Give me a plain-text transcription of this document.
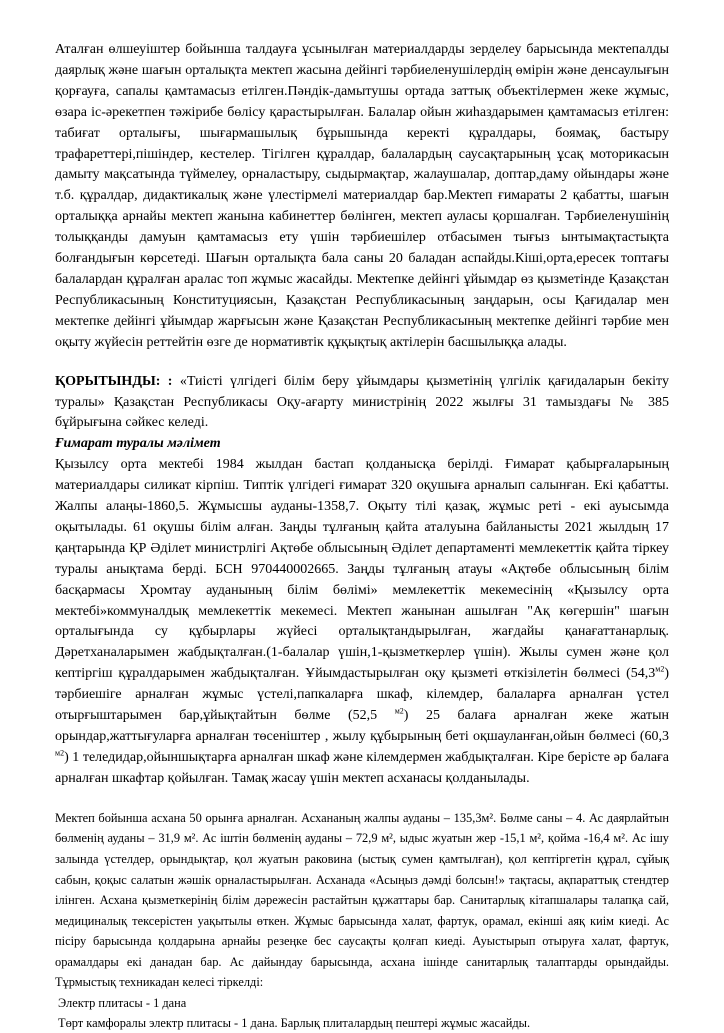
Аталған өлшеуіштер бойынша талдауға ұсынылған материалдарды зерделеу барысында мектепалды даярлық және шағын орталықта мектеп жасына дейінгі тәрбиеленушілердің өмірін және денсаулығын қорғауға, сапалы қамтамасыз етілген.Пәндік-дамытушы ортада заттық объектілермен жеке жұмыс, өзара іс-әрекетпен тәжірибе бөлісу қарастырылған. Балалар ойын жиһаздарымен қамтамасыз етілген: табиғат орталығы, шығармашылық бұрышында керекті құралдары, боямақ, бастыру трафареттері,пішіндер, кестелер. Тігілген құралдар, балалардың саусақтарының ұсақ моторикасын дамыту мақсатында түймелеу, орналастыру, сыдырмақтар, жалаушалар, доптар,даму ойындары және т.б. құралдар, дидактикалық және үлестірмелі материалдар бар.Мектеп ғимараты 2 қабатты, шағын орталыққа арнайы мектеп жанына кабинеттер бөлінген, мектеп ауласы қоршалған. Тәрбиеленушінің толыққанды дамуын қамтамасыз ету үшін тәрбиешілер отбасымен тығыз ынтымақтастықта болғандығын көрсетеді. Шағын орталықта бала саны 20 баладан аспайды.Кіші,орта,ересек топтағы балалардан құралған аралас топ жұмыс жасайды. Мектепке дейінгі ұйымдар өз қызметінде Қазақстан Республикасының Конституциясын, Қазақстан Республикасының заңдарын, осы Қағидалар мен мектепке дейінгі ұйымдар жарғысын және Қазақстан Республикасының мектепке дейінгі тәрбие мен оқыту жүйесін реттейтін өзге де нормативтік құқықтық актілерін басшылыққа алады.

ҚОРЫТЫНДЫ: : «Тиісті үлгідегі білім беру ұйымдары қызметінің үлгілік қағидаларын бекіту туралы» Қазақстан Республикасы Оқу-ағарту министрінің 2022 жылғы 31 тамыздағы № 385 бұйрығына сәйкес келеді.

Ғимарат туралы мәлімет

Қызылсу орта мектебі 1984 жылдан бастап қолданысқа берілді. Ғимарат қабырғаларының материалдары силикат кірпіш. Типтік үлгідегі ғимарат 320 оқушыға арналып салынған. Екі қабатты. Жалпы алаңы-1860,5. Жұмысшы ауданы-1358,7. Оқыту тілі қазақ, жұмыс реті - екі ауысымда оқытылады. 61 оқушы білім алған. Заңды тұлғаның қайта аталуына байланысты 2021 жылдың 17 қаңтарында ҚР Әділет министрлігі Ақтөбе облысының Әділет департаменті мемлекеттік қайта тіркеу туралы анықтама берді. БСН 970440002665. Заңды тұлғаның атауы «Ақтөбе облысының білім басқармасы Хромтау ауданының білім бөлімі» мемлекеттік мекемесінің «Қызылсу орта мектебі»коммуналдық мемлекеттік мекемесі. Мектеп жанынан ашылған "Ақ көгершін" шағын орталығында су құбырлары жүйесі орталықтандырылған, жағдайы қанағаттанарлық. Дәретханаларымен жабдықталған.(1-балалар үшін,1-қызметкерлер үшін). Жылы сумен және қол кептіргіш құралдарымен жабдықталған. Ұйымдастырылған оқу қызметі өткізілетін бөлмесі $(54,3^{м2})$ тәрбиешіге арналған жұмыс үстелі,папкаларға шкаф, кілемдер, балаларға арналған үстел отырғыштарымен бар,ұйықтайтын бөлме (52,5 $^{м2}$) 25 балаға арналған жеке жатын орындар,жаттығуларға арналған төсеніштер , жылу құбырының беті оқшауланған,ойын бөлмесі (60,3 $^{м2}$) 1 теледидар,ойыншықтарға арналған шкаф және кілемдермен жабдықталған. Кіре берісте әр балаға арналған шкафтар қойылған. Тамақ жасау үшін мектеп асханасы қолданылады.

Мектеп бойынша асхана 50 орынға арналған. Асхананың жалпы ауданы – 135,3м². Бөлме саны – 4. Ас даярлайтын бөлменің ауданы – 31,9 м². Ас іштін бөлменің ауданы – 72,9 м², ыдыс жуатын жер -15,1 м², қойма -16,4 м². Ас ішу залында үстелдер, орындықтар, қол жуатын раковина (ыстық сумен қамтылған), қол кептіргетін құрал, сұйық сабын, қоқыс салатын жәшік орналастырылған. Асханада «Асыңыз дәмді болсын!» тақтасы, ақпараттық стендтер ілінген. Асхана қызметкерінің білім дәрежесін растайтын құжаттары бар. Санитарлық кітапшалары талапқа сай, медициналық тексерістен уақытылы өткен. Жұмыс барысында халат, фартук, орамал, екінші аяқ киім киеді. Ас пісіру барысында қолдарына арнайы резеңке бес саусақты қолғап киеді. Ауыстырып отыруға халат, фартук, орамалдары екі данадан бар. Ас дайындау барысында, асхана ішінде санитарлық талаптарды орындайды. Тұрмыстық техникадан келесі тіркелді:

Электр плитасы - 1 дана

Төрт камфоралы электр плитасы - 1 дана. Барлық плиталардың пештері жұмыс жасайды.
